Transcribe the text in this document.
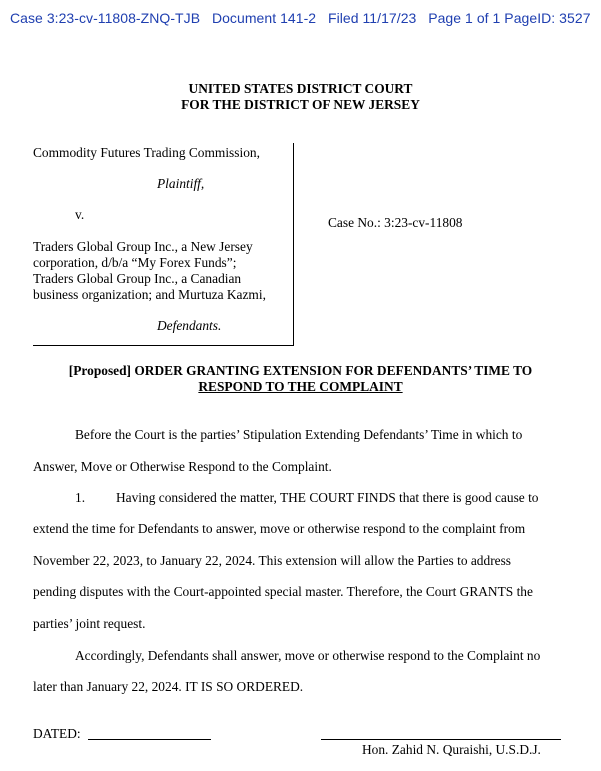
Case 3:23-cv-11808-ZNQ-TJB Document 141-2 Filed 11/17/23 Page 1 of 1 PageID: 3527
UNITED STATES DISTRICT COURT
FOR THE DISTRICT OF NEW JERSEY
Commodity Futures Trading Commission,
Plaintiff,
v.
Traders Global Group Inc., a New Jersey
corporation, d/b/a “My Forex Funds”;
Traders Global Group Inc., a Canadian
business organization; and Murtuza Kazmi,
Defendants.
Case No.: 3:23-cv-11808
[Proposed] ORDER GRANTING EXTENSION FOR DEFENDANTS’ TIME TO
RESPOND TO THE COMPLAINT
Before the Court is the parties’ Stipulation Extending Defendants’ Time in which to
Answer, Move or Otherwise Respond to the Complaint.
1. Having considered the matter, THE COURT FINDS that there is good cause to
extend the time for Defendants to answer, move or otherwise respond to the complaint from
November 22, 2023, to January 22, 2024. This extension will allow the Parties to address
pending disputes with the Court-appointed special master. Therefore, the Court GRANTS the
parties’ joint request.
Accordingly, Defendants shall answer, move or otherwise respond to the Complaint no
later than January 22, 2024. IT IS SO ORDERED.
DATED:
Hon. Zahid N. Quraishi, U.S.D.J.
